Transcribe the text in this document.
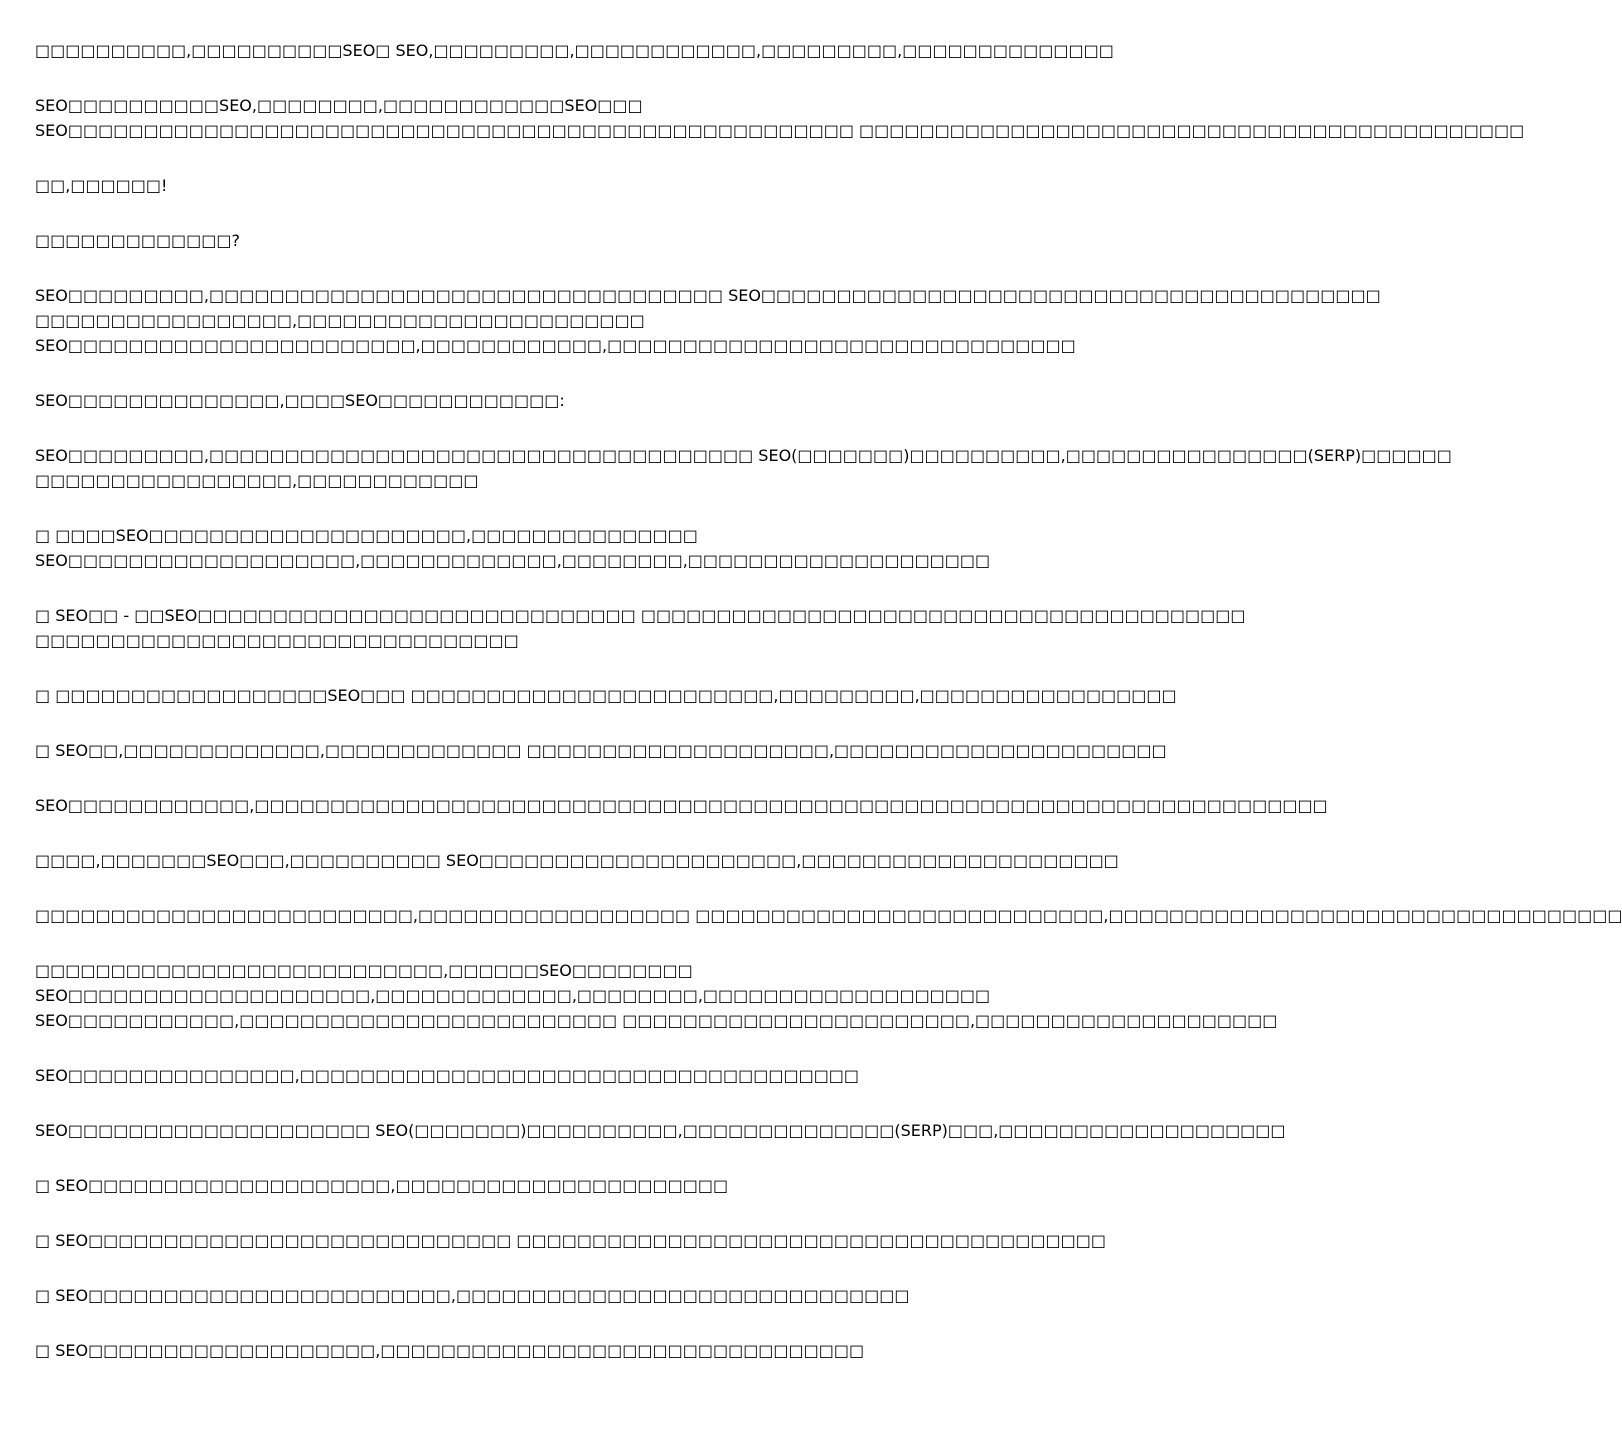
□□□□□□□□□□,□□□□□□□□□□SEO□ SEO,□□□□□□□□□,□□□□□□□□□□□□,□□□□□□□□□,□□□□□□□□□□□□□□
SEO□□□□□□□□□□SEO,□□□□□□□□,□□□□□□□□□□□□SEO□□□
SEO□□□□□□□□□□□□□□□□□□□□□□□□□□□□□□□□□□□□□□□□□□□□□□□□□□□□ □□□□□□□□□□□□□□□□□□□□□□□□□□□□□□□□□□□□□□□□□□□□
□□,□□□□□□!
□□□□□□□□□□□□□?
SEO□□□□□□□□□,□□□□□□□□□□□□□□□□□□□□□□□□□□□□□□□□□□ SEO□□□□□□□□□□□□□□□□□□□□□□□□□□□□□□□□□□□□□□□□□
□□□□□□□□□□□□□□□□□,□□□□□□□□□□□□□□□□□□□□□□□
SEO□□□□□□□□□□□□□□□□□□□□□□□,□□□□□□□□□□□□,□□□□□□□□□□□□□□□□□□□□□□□□□□□□□□□
SEO□□□□□□□□□□□□□□,□□□□SEO□□□□□□□□□□□□:
SEO□□□□□□□□□,□□□□□□□□□□□□□□□□□□□□□□□□□□□□□□□□□□□□ SEO(□□□□□□□)□□□□□□□□□□,□□□□□□□□□□□□□□□□(SERP)□□□□□□
□□□□□□□□□□□□□□□□□,□□□□□□□□□□□□
□ □□□□SEO□□□□□□□□□□□□□□□□□□□□□,□□□□□□□□□□□□□□□
SEO□□□□□□□□□□□□□□□□□□□,□□□□□□□□□□□□□,□□□□□□□□,□□□□□□□□□□□□□□□□□□□□
□ SEO□□ - □□SEO□□□□□□□□□□□□□□□□□□□□□□□□□□□□□ □□□□□□□□□□□□□□□□□□□□□□□□□□□□□□□□□□□□□□□□
□□□□□□□□□□□□□□□□□□□□□□□□□□□□□□□□
□ □□□□□□□□□□□□□□□□□□SEO□□□ □□□□□□□□□□□□□□□□□□□□□□□□,□□□□□□□□□,□□□□□□□□□□□□□□□□□
□ SEO□□,□□□□□□□□□□□□□,□□□□□□□□□□□□□ □□□□□□□□□□□□□□□□□□□□,□□□□□□□□□□□□□□□□□□□□□□
SEO□□□□□□□□□□□□,□□□□□□□□□□□□□□□□□□□□□□□□□□□□□□□□□□□□□□□□□□□□□□□□□□□□□□□□□□□□□□□□□□□□□□□
□□□□,□□□□□□□SEO□□□,□□□□□□□□□□ SEO□□□□□□□□□□□□□□□□□□□□□,□□□□□□□□□□□□□□□□□□□□□
□□□□□□□□□□□□□□□□□□□□□□□□□,□□□□□□□□□□□□□□□□□□ □□□□□□□□□□□□□□□□□□□□□□□□□□□,□□□□□□□□□□□□□□□□□□□□□□□□□□□□□□□□□□
□□□□□□□□□□□□□□□□□□□□□□□□□□□,□□□□□□SEO□□□□□□□□
SEO□□□□□□□□□□□□□□□□□□□□,□□□□□□□□□□□□□,□□□□□□□□,□□□□□□□□□□□□□□□□□□□
SEO□□□□□□□□□□□,□□□□□□□□□□□□□□□□□□□□□□□□□ □□□□□□□□□□□□□□□□□□□□□□□,□□□□□□□□□□□□□□□□□□□□
SEO□□□□□□□□□□□□□□□,□□□□□□□□□□□□□□□□□□□□□□□□□□□□□□□□□□□□□
SEO□□□□□□□□□□□□□□□□□□□□ SEO(□□□□□□□)□□□□□□□□□□,□□□□□□□□□□□□□□(SERP)□□□,□□□□□□□□□□□□□□□□□□□
□ SEO□□□□□□□□□□□□□□□□□□□□,□□□□□□□□□□□□□□□□□□□□□□
□ SEO□□□□□□□□□□□□□□□□□□□□□□□□□□□□ □□□□□□□□□□□□□□□□□□□□□□□□□□□□□□□□□□□□□□□
□ SEO□□□□□□□□□□□□□□□□□□□□□□□□,□□□□□□□□□□□□□□□□□□□□□□□□□□□□□□
□ SEO□□□□□□□□□□□□□□□□□□□,□□□□□□□□□□□□□□□□□□□□□□□□□□□□□□□□
